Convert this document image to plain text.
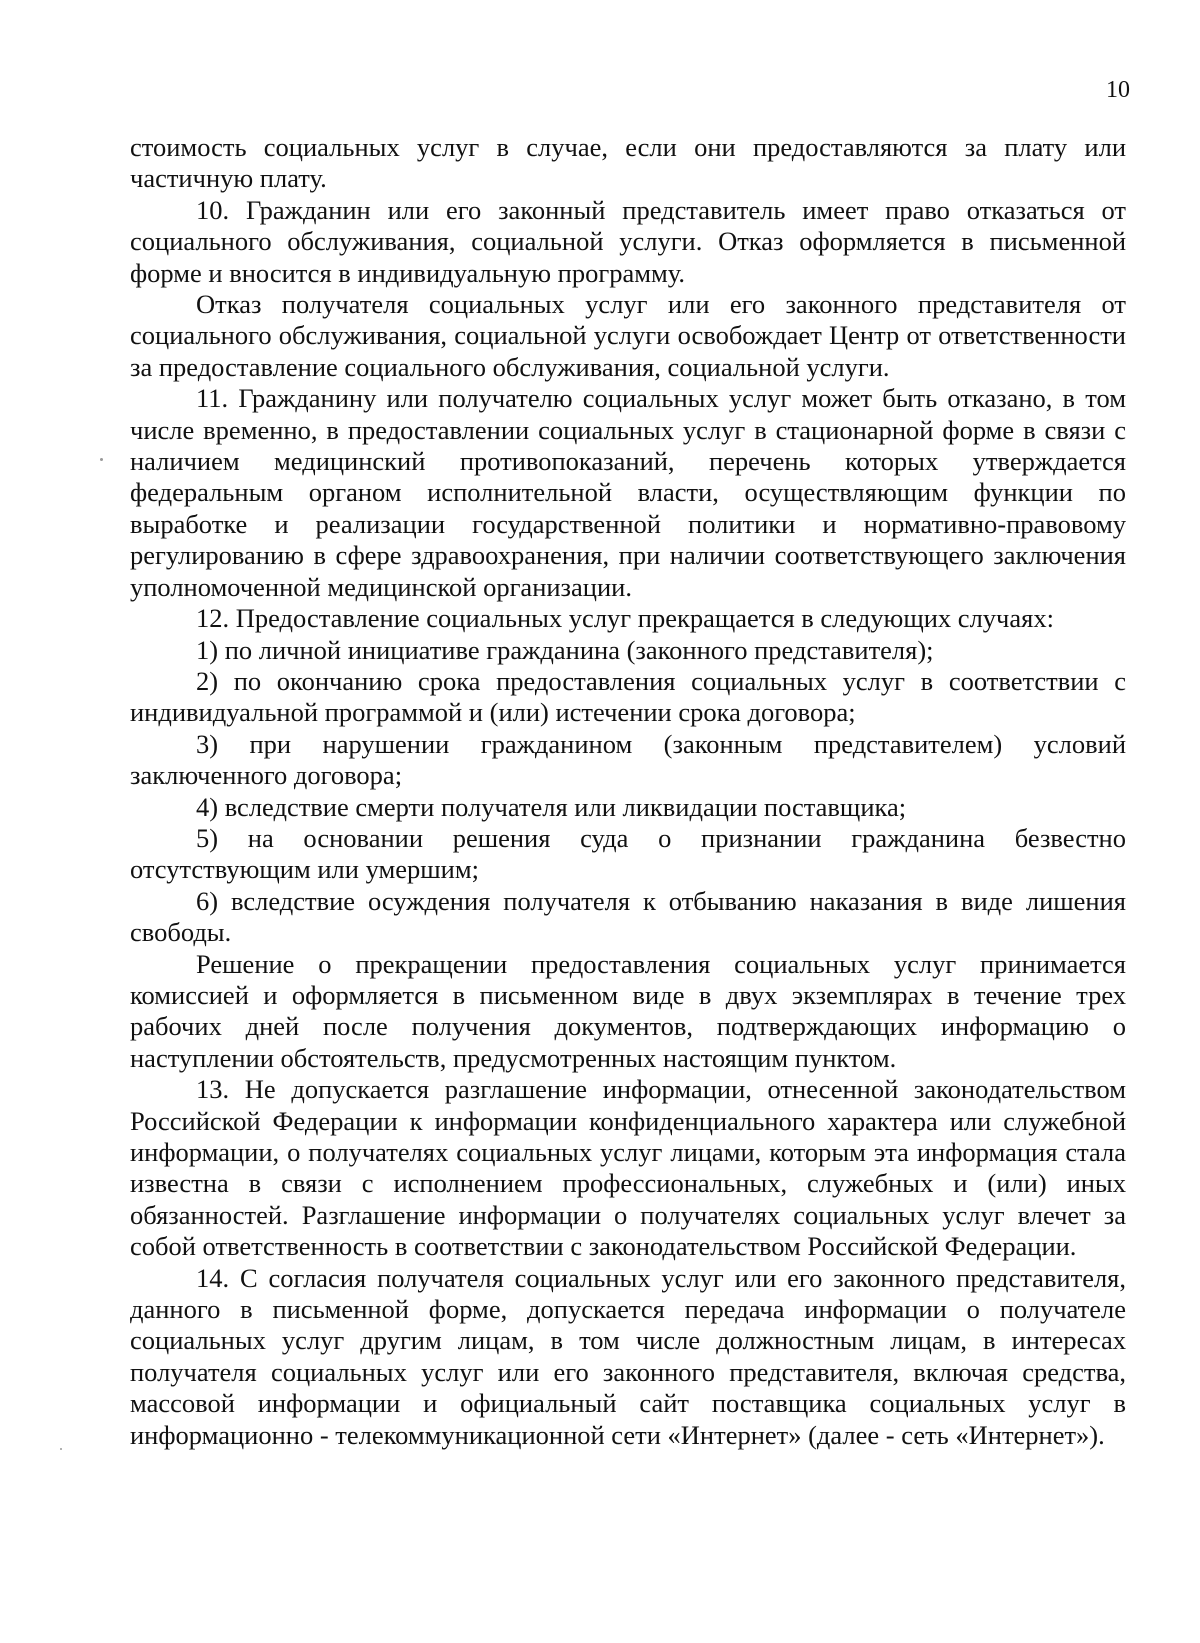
10

стоимость социальных услуг в случае, если они предоставляются за плату или частичную плату.

10. Гражданин или его законный представитель имеет право отказаться от социального обслуживания, социальной услуги. Отказ оформляется в письменной форме и вносится в индивидуальную программу.

Отказ получателя социальных услуг или его законного представителя от социального обслуживания, социальной услуги освобождает Центр от ответственности за предоставление социального обслуживания, социальной услуги.

11. Гражданину или получателю социальных услуг может быть отказано, в том числе временно, в предоставлении социальных услуг в стационарной форме в связи с наличием медицинский противопоказаний, перечень которых утверждается федеральным органом исполнительной власти, осуществляющим функции по выработке и реализации государственной политики и нормативно-правовому регулированию в сфере здравоохранения, при наличии соответствующего заключения уполномоченной медицинской организации.

12. Предоставление социальных услуг прекращается в следующих случаях:

1) по личной инициативе гражданина (законного представителя);

2) по окончанию срока предоставления социальных услуг в соответствии с индивидуальной программой и (или) истечении срока договора;

3) при нарушении гражданином (законным представителем) условий заключенного договора;

4) вследствие смерти получателя или ликвидации поставщика;

5) на основании решения суда о признании гражданина безвестно отсутствующим или умершим;

6) вследствие осуждения получателя к отбыванию наказания в виде лишения свободы.

Решение о прекращении предоставления социальных услуг принимается комиссией и оформляется в письменном виде в двух экземплярах в течение трех рабочих дней после получения документов, подтверждающих информацию о наступлении обстоятельств, предусмотренных настоящим пунктом.

13. Не допускается разглашение информации, отнесенной законодательством Российской Федерации к информации конфиденциального характера или служебной информации, о получателях социальных услуг лицами, которым эта информация стала известна в связи с исполнением профессиональных, служебных и (или) иных обязанностей. Разглашение информации о получателях социальных услуг влечет за собой ответственность в соответствии с законодательством Российской Федерации.

14. С согласия получателя социальных услуг или его законного представителя, данного в письменной форме, допускается передача информации о получателе социальных услуг другим лицам, в том числе должностным лицам, в интересах получателя социальных услуг или его законного представителя, включая средства, массовой информации и официальный сайт поставщика социальных услуг в информационно - телекоммуникационной сети «Интернет» (далее - сеть «Интернет»).
